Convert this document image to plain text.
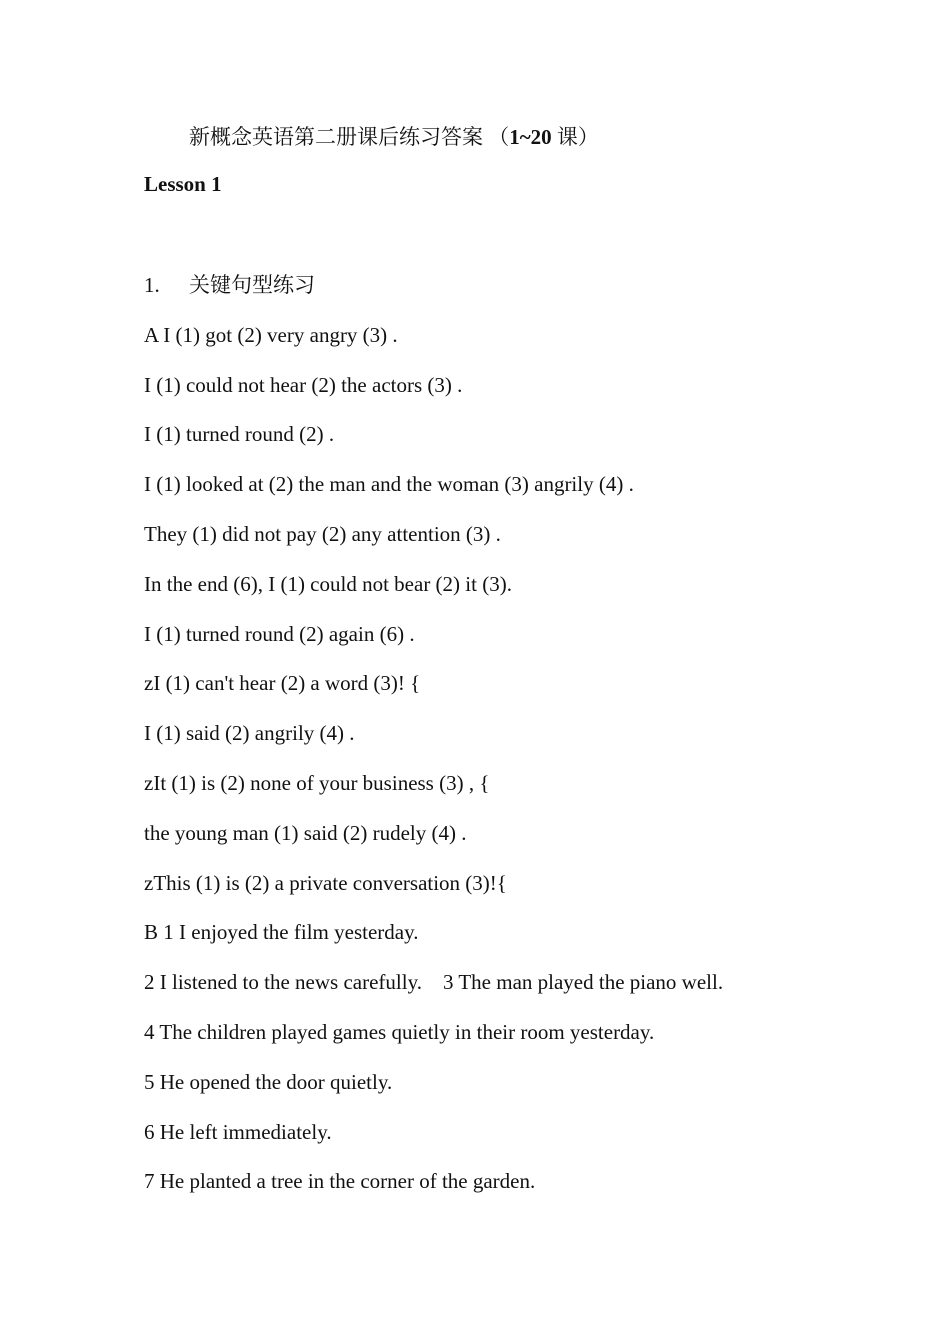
新概念英语第二册课后练习答案 （1~20 课）
Lesson 1
1. 关键句型练习
A I (1) got (2) very angry (3) .
I (1) could not hear (2) the actors (3) .
I (1) turned round (2) .
I (1) looked at (2) the man and the woman (3) angrily (4) .
They (1) did not pay (2) any attention (3) .
In the end (6), I (1) could not bear (2) it (3).
I (1) turned round (2) again (6) .
zI (1) can't hear (2) a word (3)! {
I (1) said (2) angrily (4) .
zIt (1) is (2) none of your business (3) , {
the young man (1) said (2) rudely (4) .
zThis (1) is (2) a private conversation (3)!{
B 1 I enjoyed the film yesterday.
2 I listened to the news carefully.    3 The man played the piano well.
4 The children played games quietly in their room yesterday.
5 He opened the door quietly.
6 He left immediately.
7 He planted a tree in the corner of the garden.
